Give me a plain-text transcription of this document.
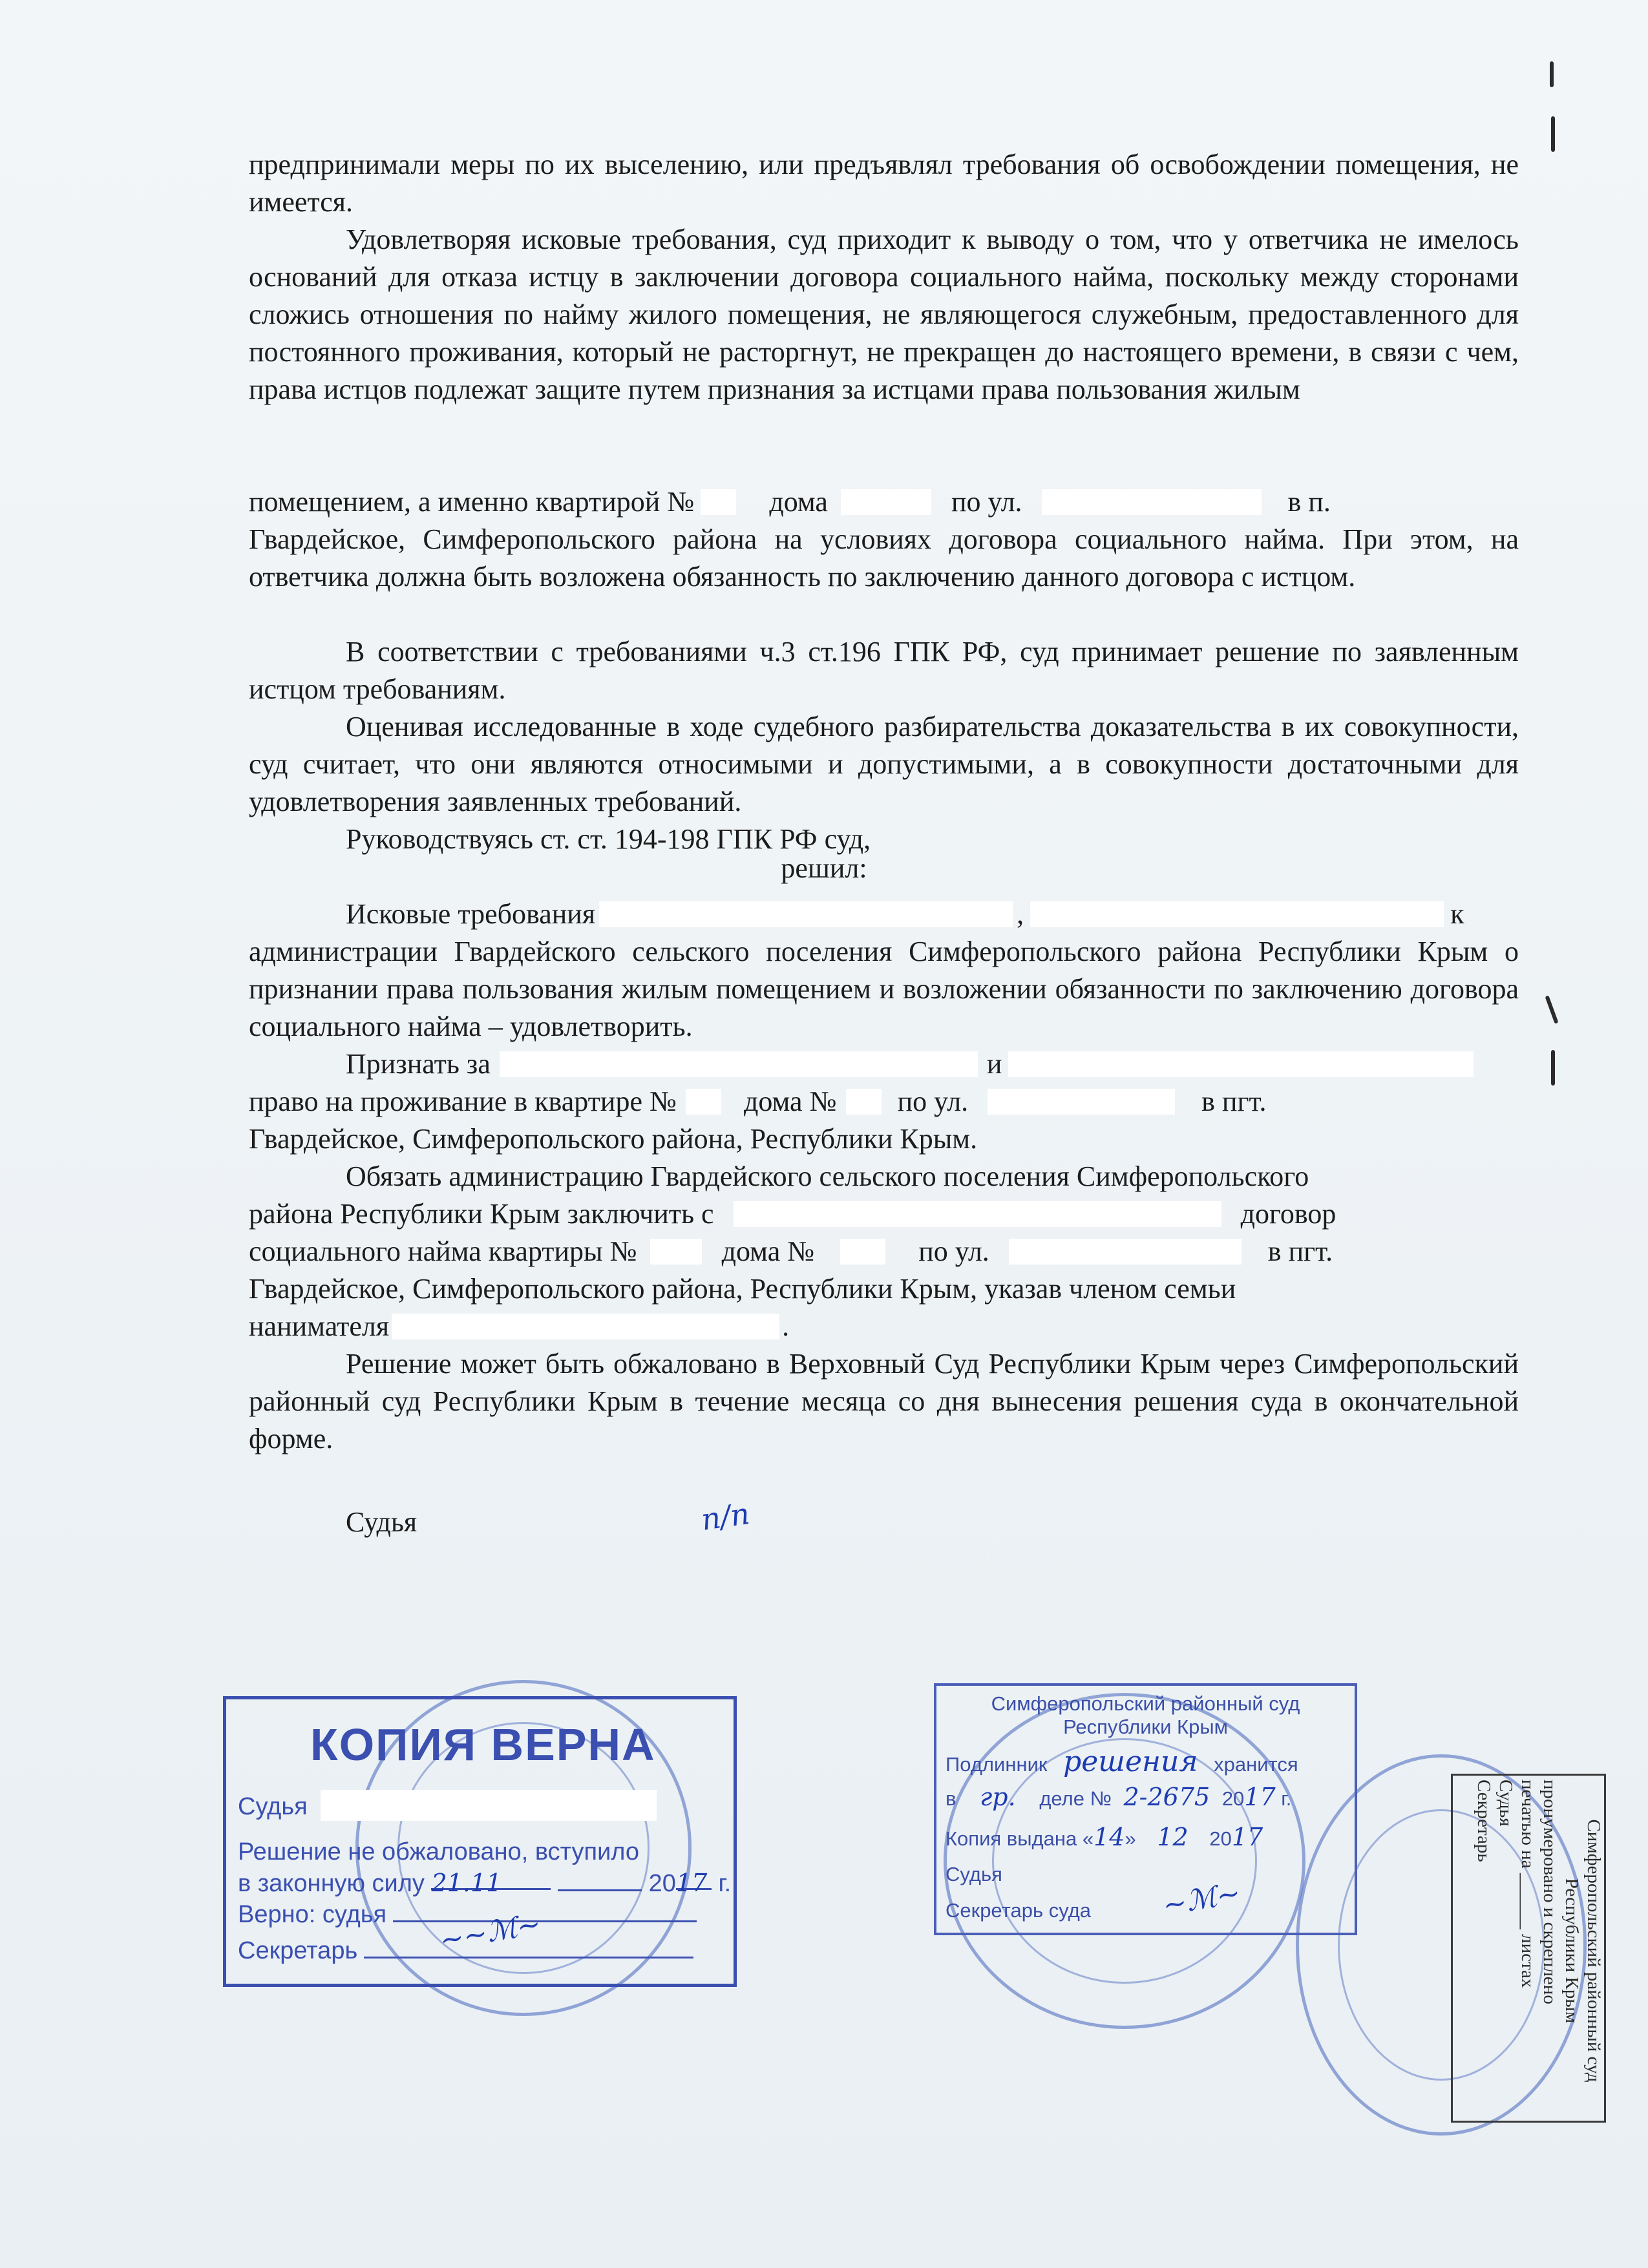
предпринимали меры по их выселению, или предъявлял требования об освобождении помещения, не имеется.

Удовлетворяя исковые требования, суд приходит к выводу о том, что у ответчика не имелось оснований для отказа истцу в заключении договора социального найма, поскольку между сторонами сложись отношения по найму жилого помещения, не являющегося служебным, предоставленного для постоянного проживания, который не расторгнут, не прекращен до настоящего времени, в связи с чем, права истцов подлежат защите путем признания за истцами права пользования жилым

помещением, а именно квартирой №	дома	по ул.	в п.

Гвардейское, Симферопольского района на условиях договора социального найма. При этом, на ответчика должна быть возложена обязанность по заключению данного договора с истцом.

В соответствии с требованиями ч.3 ст.196 ГПК РФ, суд принимает решение по заявленным истцом требованиям.

Оценивая исследованные в ходе судебного разбирательства доказательства в их совокупности, суд считает, что они являются относимыми и допустимыми, а в совокупности достаточными для удовлетворения заявленных требований.

Руководствуясь ст. ст. 194-198 ГПК РФ суд,
решил:
Исковые требования	,	к

администрации Гвардейского сельского поселения Симферопольского района Республики Крым о признании права пользования жилым помещением и возложении обязанности по заключению договора социального найма – удовлетворить.

Признать за	и
право на проживание в квартире № дома № по ул.	в пгт.
Гвардейское, Симферопольского района, Республики Крым.
Обязать администрацию Гвардейского сельского поселения Симферопольского
района Республики Крым заключить с	договор
социального найма квартиры №	дома №	по ул.	в пгт.
Гвардейское, Симферопольского района, Республики Крым, указав членом семьи
нанимателя	.

Решение может быть обжаловано в Верховный Суд Республики Крым через Симферопольский районный суд Республики Крым в течение месяца со дня вынесения решения суда в окончательной форме.

Судья	п/п
КОПИЯ ВЕРНА
Судья
Решение не обжаловано, вступило
в законную силу 21.11	2017 г.
Верно: судья
Секретарь	~~ℳ~
Симферопольский районный суд
Республики Крым
Подлинник решения хранится
в гр. деле № 2-2675 2017 г.
Копия выдана «14» 12 2017
Судья
Секретарь суда ~ℳ~	Симферопольский районный суд
Республики Крым
пронумеровано и скреплено
печатью на ______ листах
Судья
Секретарь
